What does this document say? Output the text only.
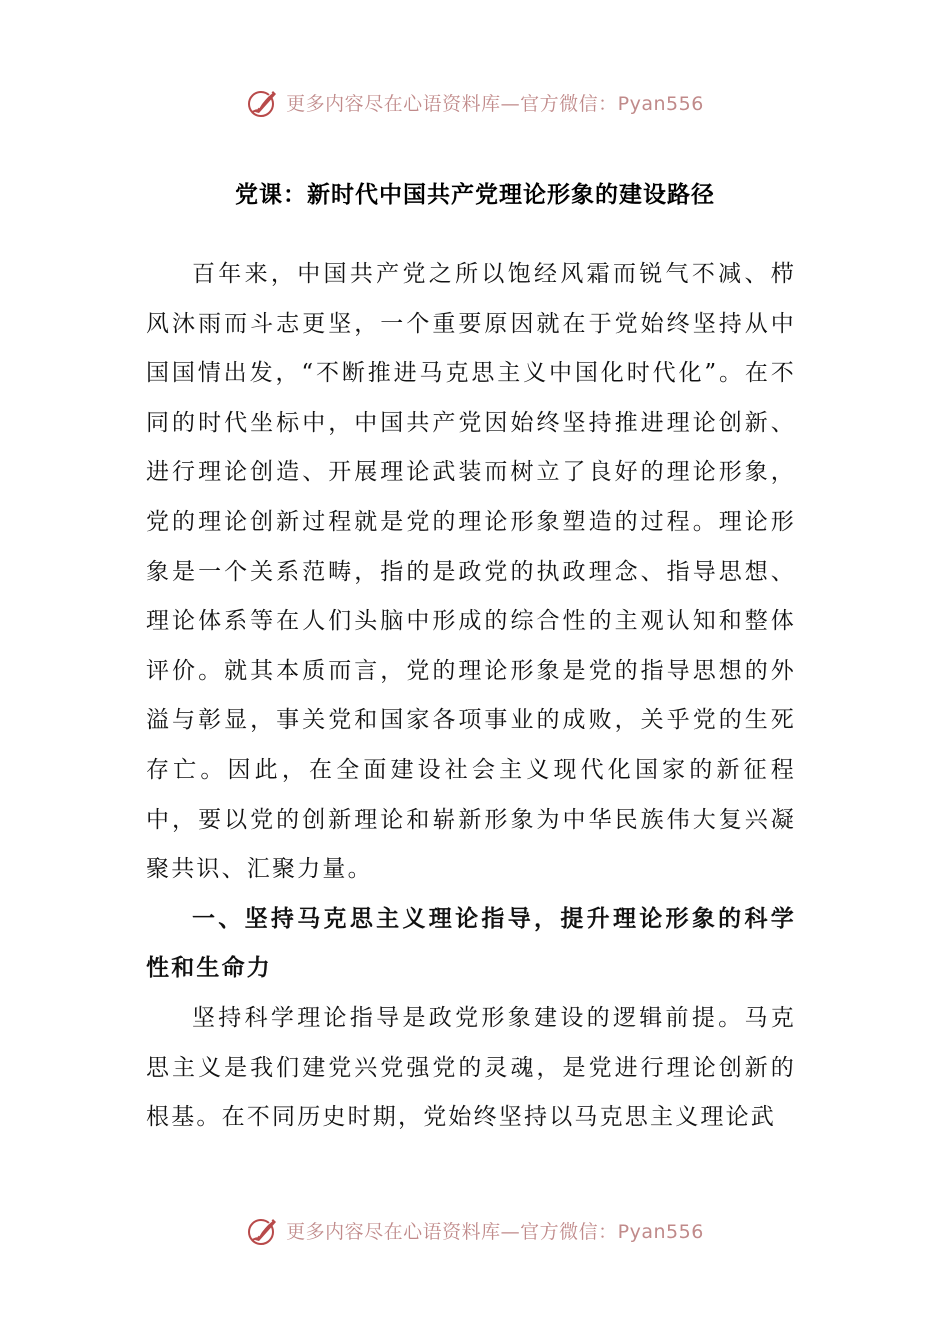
更多内容尽在心语资料库—官方微信：Pyan556
党课：新时代中国共产党理论形象的建设路径

百年来，中国共产党之所以饱经风霜而锐气不减、栉风沐雨而斗志更坚，一个重要原因就在于党始终坚持从中国国情出发，“不断推进马克思主义中国化时代化”。在不同的时代坐标中，中国共产党因始终坚持推进理论创新、进行理论创造、开展理论武装而树立了良好的理论形象，党的理论创新过程就是党的理论形象塑造的过程。理论形象是一个关系范畴，指的是政党的执政理念、指导思想、理论体系等在人们头脑中形成的综合性的主观认知和整体评价。就其本质而言，党的理论形象是党的指导思想的外溢与彰显，事关党和国家各项事业的成败，关乎党的生死存亡。因此，在全面建设社会主义现代化国家的新征程中，要以党的创新理论和崭新形象为中华民族伟大复兴凝聚共识、汇聚力量。

一、坚持马克思主义理论指导，提升理论形象的科学性和生命力

坚持科学理论指导是政党形象建设的逻辑前提。马克思主义是我们建党兴党强党的灵魂，是党进行理论创新的根基。在不同历史时期，党始终坚持以马克思主义理论武

更多内容尽在心语资料库—官方微信：Pyan556
